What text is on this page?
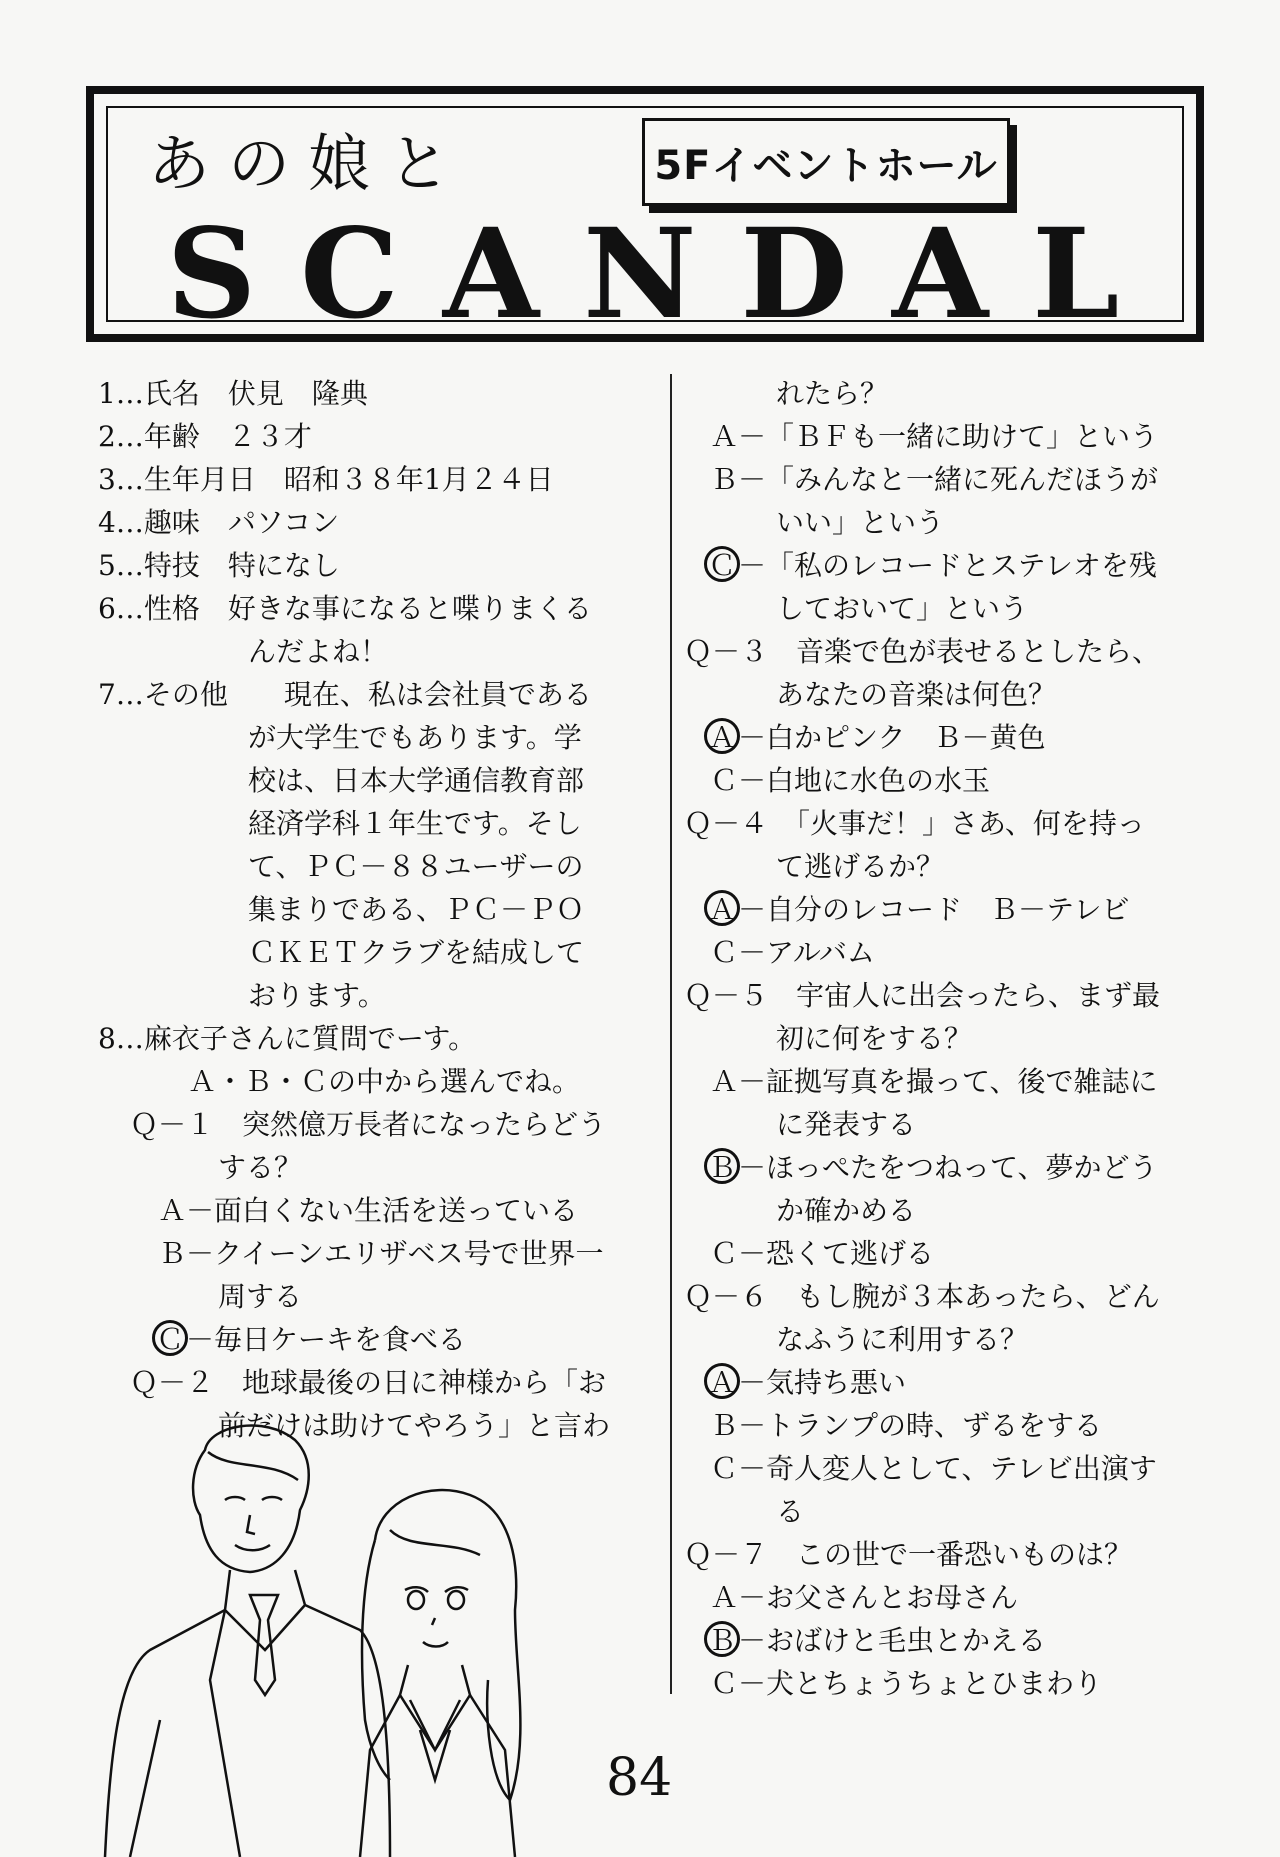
あの娘と	5Fイベントホール
SCANDAL
1…氏名　 伏見　隆典
2…年齢　 ２３才
3…生年月日　 昭和３８年1月２４日
4…趣味　 パソコン
5…特技　 特になし
6…性格　 好きな事になると喋りまくる
んだよね！
7…その他　　現在、私は会社員である
が大学生でもあります。学
校は、日本大学通信教育部
経済学科１年生です。そし
て、ＰＣ－８８ユーザーの
集まりである、ＰＣ－ＰＯ
ＣＫＥＴクラブを結成して
おります。
8…麻衣子さんに質問でーす。
Ａ・Ｂ・Ｃの中から選んでね。
Ｑ－１　 突然億万長者になったらどう
する？
Ａ－面白くない生活を送っている
Ｂ－クイーンエリザベス号で世界一
周する
Ｃ－毎日ケーキを食べる
Ｑ－２　 地球最後の日に神様から「お
前だけは助けてやろう」と言わ
れたら？
Ａ－「ＢＦも一緒に助けて」という
Ｂ－「みんなと一緒に死んだほうが
いい」という
Ｃ－「私のレコードとステレオを残
しておいて」という
Ｑ－３　 音楽で色が表せるとしたら、
あなたの音楽は何色？
Ａ－白かピンク　Ｂ－黄色
Ｃ－白地に水色の水玉
Ｑ－４　 「火事だ！」さあ、何を持っ
て逃げるか？
Ａ－自分のレコード　Ｂ－テレビ
Ｃ－アルバム
Ｑ－５　 宇宙人に出会ったら、まず最
初に何をする？
Ａ－証拠写真を撮って、後で雑誌に
に発表する
Ｂ－ほっぺたをつねって、夢かどう
か確かめる
Ｃ－恐くて逃げる
Ｑ－６　 もし腕が３本あったら、どん
なふうに利用する？
Ａ－気持ち悪い
Ｂ－トランプの時、ずるをする
Ｃ－奇人変人として、テレビ出演す
る
Ｑ－７　 この世で一番恐いものは？
Ａ－お父さんとお母さん
Ｂ－おばけと毛虫とかえる
Ｃ－犬とちょうちょとひまわり
84
